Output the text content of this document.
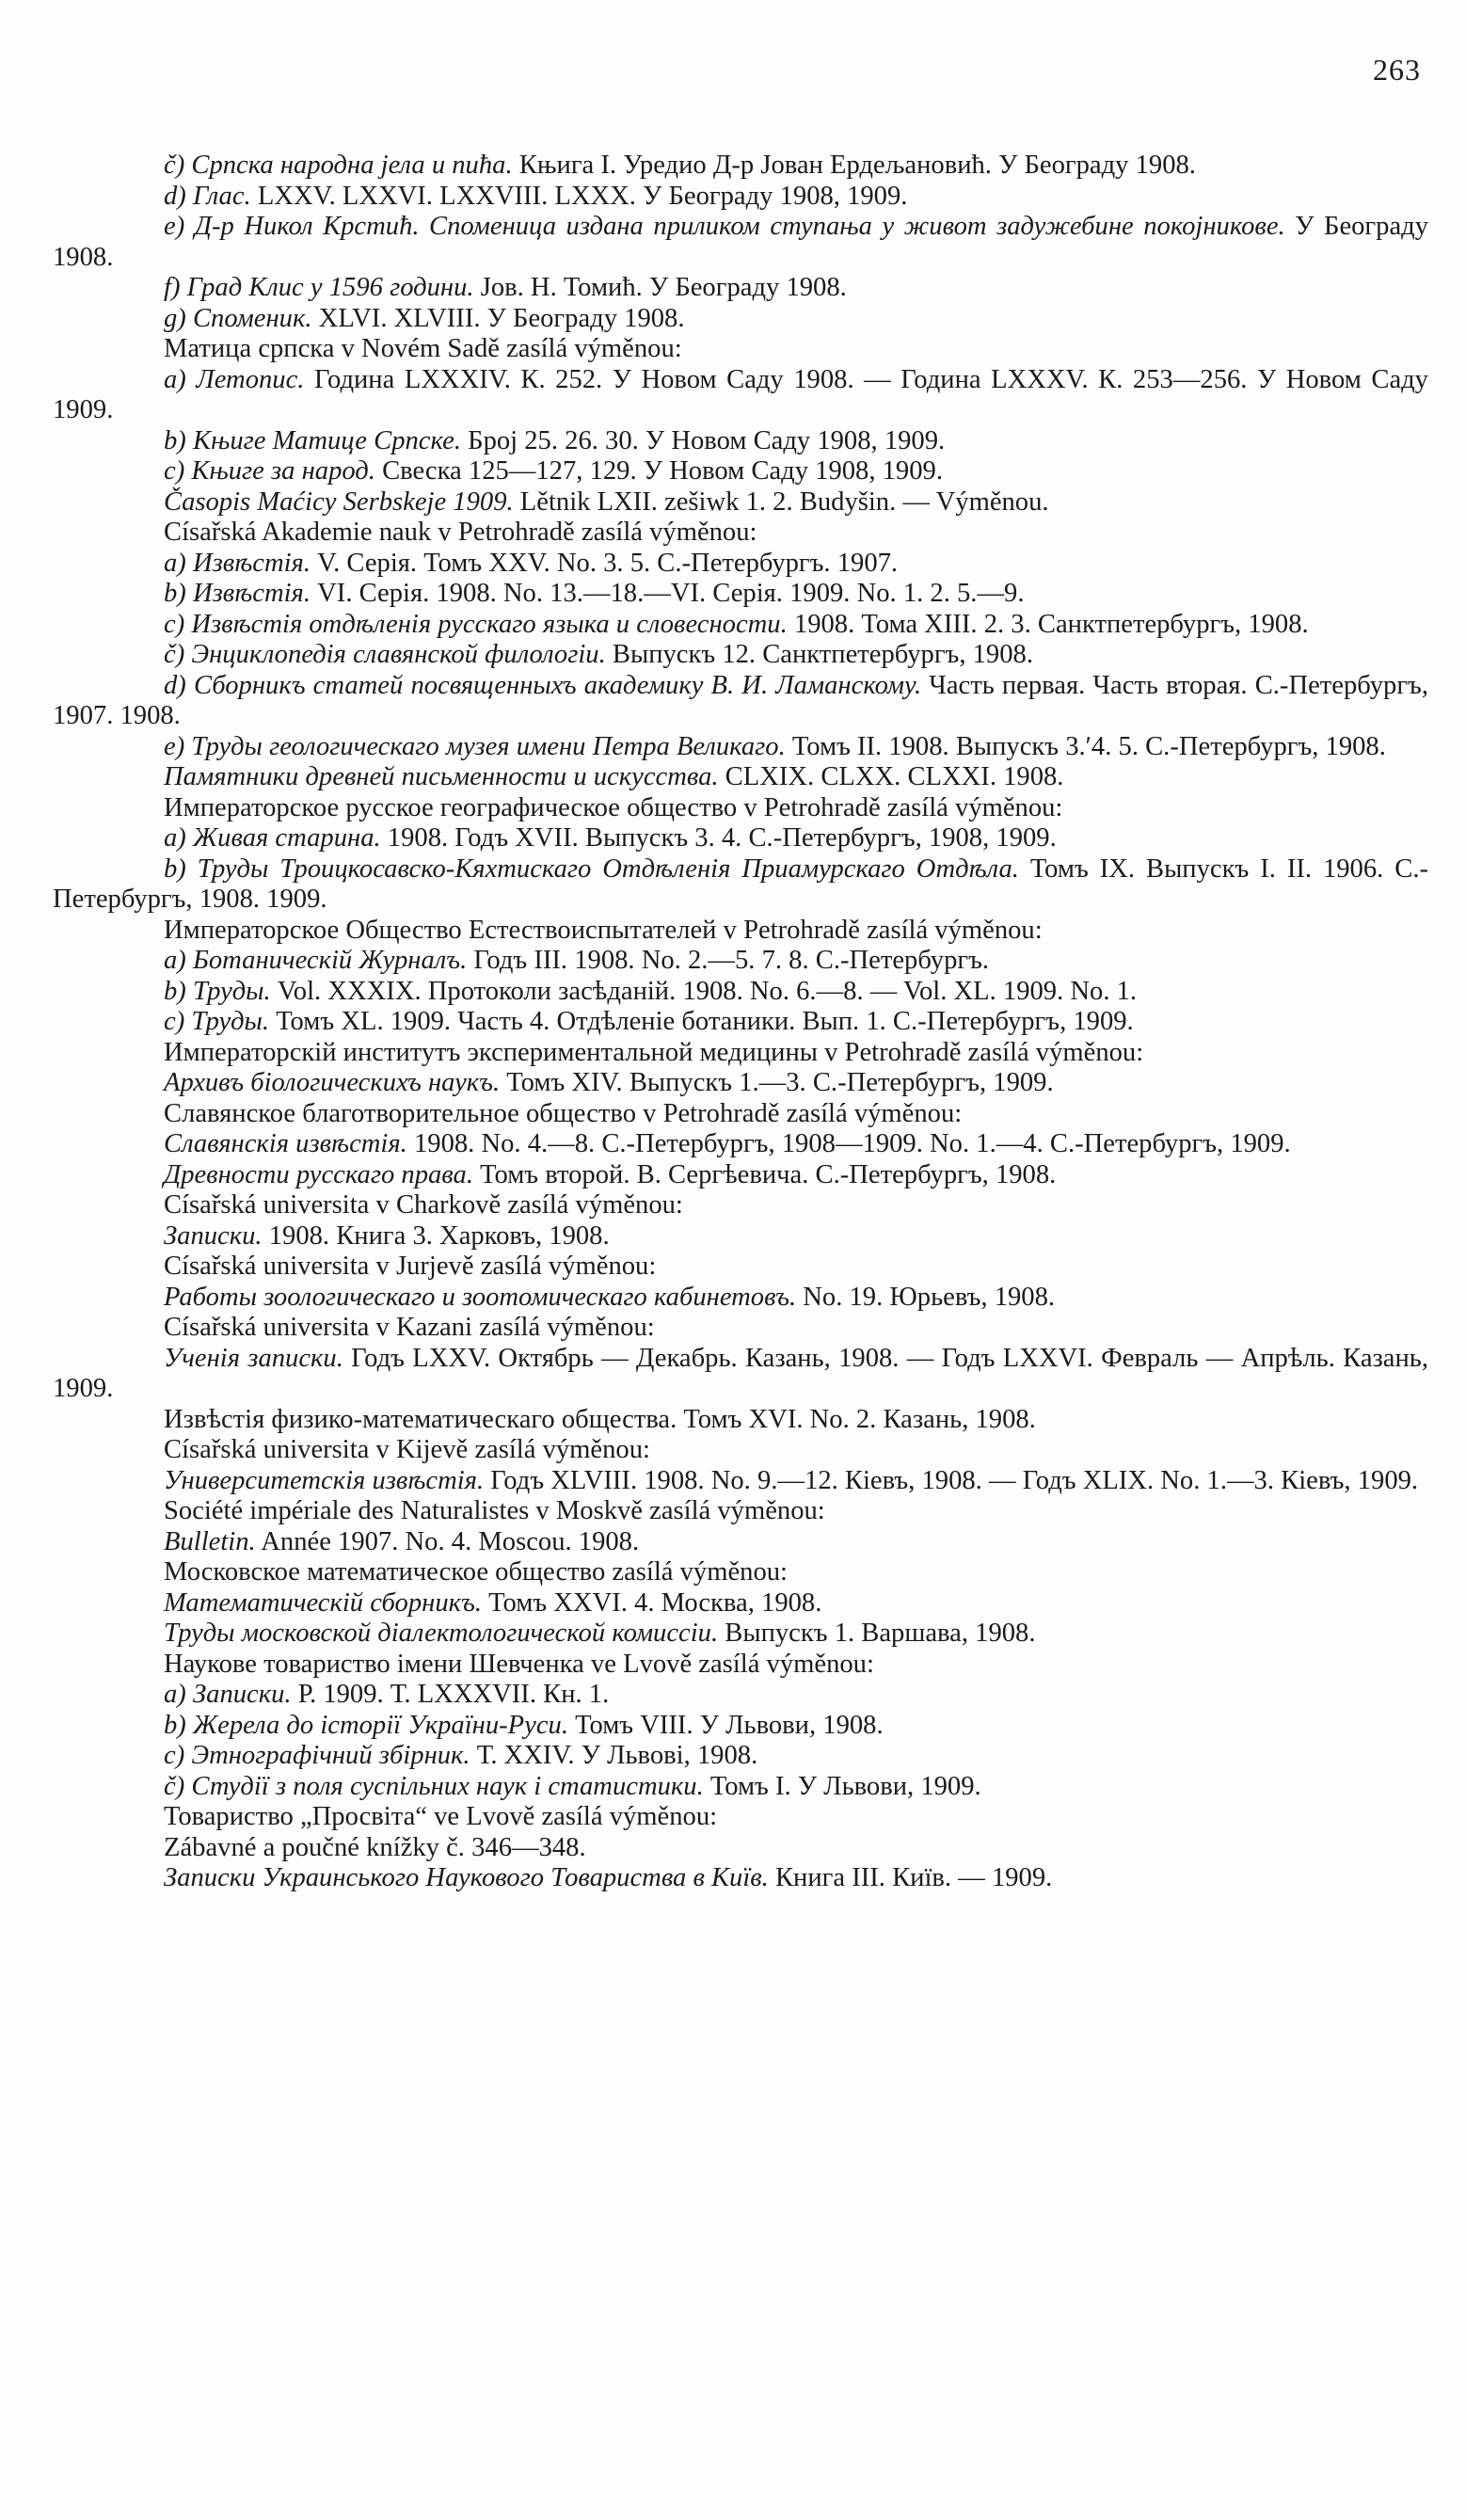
263

č) Српска народна јела и пића. Књига I. Уредио Д-р Јован Ердељановић. У Београду 1908.

d) Глас. LXXV. LXXVI. LXXVIII. LXXX. У Београду 1908, 1909.

e) Д-р Никол Крстић. Споменица издана приликом ступања у живот задужебине покојникове. У Београду 1908.

f) Град Клис у 1596 години. Јов. Н. Томић. У Београду 1908.

g) Споменик. XLVI. XLVIII. У Београду 1908.

Матица српска v Novém Sadě zasílá výměnou:

a) Летопис. Година LXXXIV. К. 252. У Новом Саду 1908. — Година LXXXV. К. 253—256. У Новом Саду 1909.

b) Књиге Матице Српске. Број 25. 26. 30. У Новом Саду 1908, 1909.

c) Књиге за народ. Свеска 125—127, 129. У Новом Саду 1908, 1909.

Časopis Maćicy Serbskeje 1909. Lětnik LXII. zešiwk 1. 2. Budyšin. — Výměnou.

Císařská Akademie nauk v Petrohradě zasílá výměnou:

a) Извѣстія. V. Серія. Томъ XXV. No. 3. 5. С.-Петербургъ. 1907.

b) Извѣстія. VI. Серія. 1908. No. 13.—18.—VI. Серія. 1909. No. 1. 2. 5.—9.

c) Извѣстія отдѣленія русскаго языка и словесности. 1908. Тома XIII. 2. 3. Санктпетербургъ, 1908.

č) Энциклопедія славянской филологіи. Выпускъ 12. Санктпетербургъ, 1908.

d) Сборникъ статей посвященныхъ академику В. И. Ламанскому. Часть первая. Часть вторая. С.-Петербургъ, 1907. 1908.

e) Труды геологическаго музея имени Петра Великаго. Томъ II. 1908. Выпускъ 3.ʹ4. 5. С.-Петербургъ, 1908.

Памятники древней письменности и искусства. CLXIX. CLXX. CLXXI. 1908.

Императорское русское географическое общество v Petrohradě zasílá výměnou:

a) Живая старина. 1908. Годъ XVII. Выпускъ 3. 4. С.-Петербургъ, 1908, 1909.

b) Труды Троицкосавско-Кяхтискаго Отдѣленія Приамурскаго Отдѣла. Томъ IX. Выпускъ I. II. 1906. С.-Петербургъ, 1908. 1909.

Императорское Общество Естествоиспытателей v Petrohradě zasílá výměnou:

a) Ботаническій Журналъ. Годъ III. 1908. No. 2.—5. 7. 8. С.-Петербургъ.

b) Труды. Vol. XXXIX. Протоколи засѣданій. 1908. No. 6.—8. — Vol. XL. 1909. No. 1.

c) Труды. Томъ XL. 1909. Часть 4. Отдѣленіе ботаники. Вып. 1. С.-Петербургъ, 1909.

Императорскій институтъ экспериментальной медицины v Petrohradě zasílá výměnou:

Архивъ біологическихъ наукъ. Томъ XIV. Выпускъ 1.—3. С.-Петербургъ, 1909.

Славянское благотворительное общество v Petrohradě zasílá výměnou:

Славянскія извѣстія. 1908. No. 4.—8. С.-Петербургъ, 1908—1909. No. 1.—4. С.-Петербургъ, 1909.

Древности русскаго права. Томъ второй. В. Сергѣевича. С.-Петербургъ, 1908.

Císařská universita v Charkově zasílá výměnou:

Записки. 1908. Книга 3. Харковъ, 1908.

Císařská universita v Jurjevě zasílá výměnou:

Работы зоологическаго и зоотомическаго кабинетовъ. No. 19. Юрьевъ, 1908.

Císařská universita v Kazani zasílá výměnou:

Ученія записки. Годъ LXXV. Октябрь — Декабрь. Казань, 1908. — Годъ LXXVI. Февраль — Апрѣль. Казань, 1909.

Извѣстія физико-математическаго общества. Томъ XVI. No. 2. Казань, 1908.

Císařská universita v Kijevě zasílá výměnou:

Университетскія извѣстія. Годъ XLVIII. 1908. No. 9.—12. Кіевъ, 1908. — Годъ XLIX. No. 1.—3. Кіевъ, 1909.

Société impériale des Naturalistes v Moskvě zasílá výměnou:

Bulletin. Année 1907. No. 4. Moscou. 1908.

Московское математическое общество zasílá výměnou:

Математическій сборникъ. Томъ XXVI. 4. Москва, 1908.

Труды московской діалектологической комиссіи. Выпускъ 1. Варшава, 1908.

Наукове товариство імени Шевченка ve Lvově zasílá výměnou:

a) Записки. Р. 1909. Т. LXXXVII. Кн. 1.

b) Жерела до історії України-Руси. Томъ VIII. У Львови, 1908.

c) Этнографічний збірник. Т. XXIV. У Львові, 1908.

č) Студії з поля суспільних наук і статистики. Томъ I. У Львови, 1909.

Товариство „Просвіта“ ve Lvově zasílá výměnou:

Zábavné a poučné knížky č. 346—348.

Записки Украинського Наукового Товариства в Київ. Книга III. Київ. — 1909.
